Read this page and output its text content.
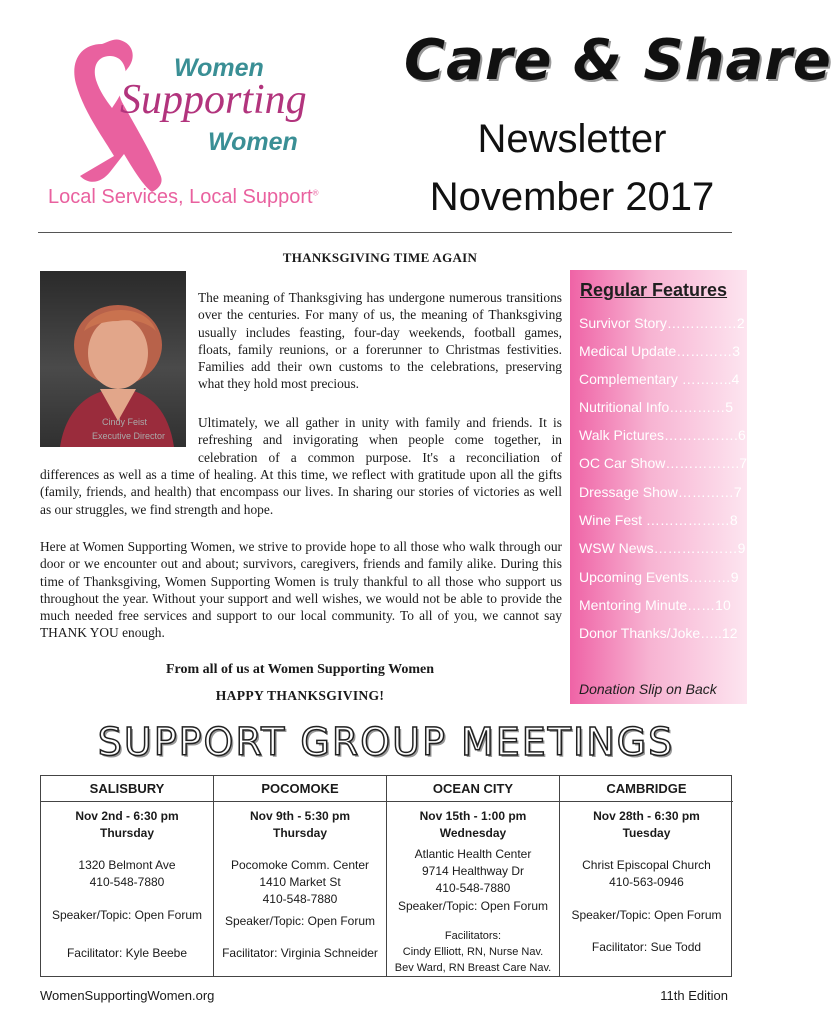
Women
Supporting
Women
Local Services, Local Support®
Care & Share
Newsletter
November 2017
THANKSGIVING TIME AGAIN
Cindy Feist
Executive Director

The meaning of Thanksgiving has undergone numerous transitions over the centuries. For many of us, the meaning of Thanksgiving usually includes feasting, four-day weekends, football games, floats, family reunions, or a forerunner to Christmas festivities. Families add their own customs to the celebrations, preserving what they hold most precious.

Ultimately, we all gather in unity with family and friends. It is refreshing and invigorating when people come together, in celebration of a common purpose. It's a reconciliation of

differences as well as a time of healing. At this time, we reflect with gratitude upon all the gifts (family, friends, and health) that encompass our lives. In sharing our stories of victories as well as our struggles, we find strength and hope.

Here at Women Supporting Women, we strive to provide hope to all those who walk through our door or we encounter out and about; survivors, caregivers, friends and family alike. During this time of Thanksgiving, Women Supporting Women is truly thankful to all those who support us throughout the year. Without your support and well wishes, we would not be able to provide the much needed free services and support to our local community. To all of you, we cannot say THANK YOU enough.

From all of us at Women Supporting Women
HAPPY THANKSGIVING!
Regular Features
Survivor Story……………2
Medical Update…………3
Complementary ………..4
Nutritional Info…………5
Walk Pictures…………….6
OC Car Show…………….7
Dressage Show…………7
Wine Fest ………………8
WSW News………………9
Upcoming Events………9
Mentoring Minute……10
Donor Thanks/Joke…..12
Donation Slip on Back
SUPPORT GROUP MEETINGS
SALISBURY
Nov 2nd - 6:30 pm
Thursday
1320 Belmont Ave
410-548-7880
Speaker/Topic: Open Forum
Facilitator: Kyle Beebe
POCOMOKE
Nov 9th - 5:30 pm
Thursday
Pocomoke Comm. Center
1410 Market St
410-548-7880
Speaker/Topic: Open Forum
Facilitator: Virginia Schneider
OCEAN CITY
Nov 15th - 1:00 pm
Wednesday
Atlantic Health Center
9714 Healthway Dr
410-548-7880
Speaker/Topic: Open Forum
Facilitators:
Cindy Elliott, RN, Nurse Nav.
Bev Ward, RN Breast Care Nav.
CAMBRIDGE
Nov 28th - 6:30 pm
Tuesday
Christ Episcopal Church
410-563-0946
Speaker/Topic: Open Forum
Facilitator: Sue Todd
WomenSupportingWomen.org	11th Edition
